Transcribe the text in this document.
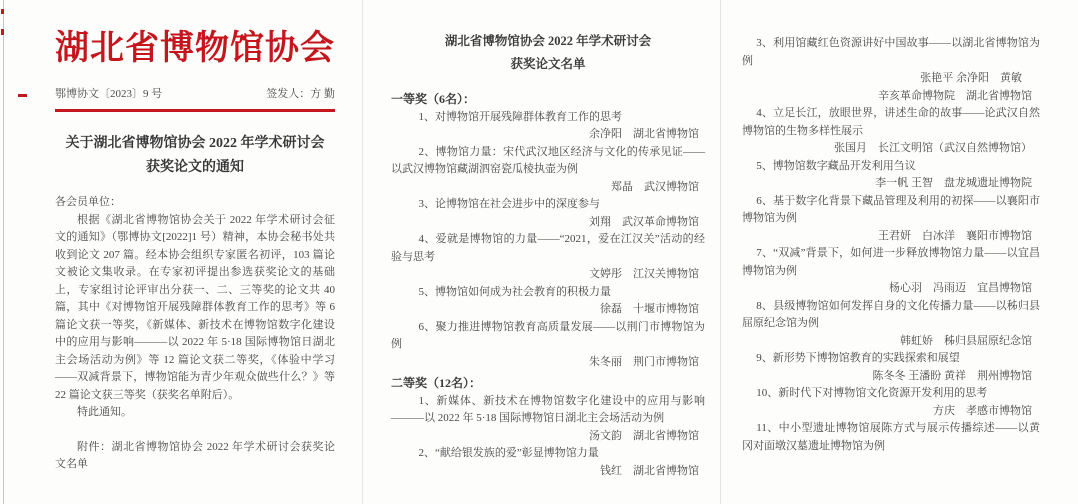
湖北省博物馆协会
鄂博协文〔2023〕9 号	签发人：方 勤
关于湖北省博物馆协会 2022 年学术研讨会
获奖论文的通知
各会员单位：
根据《湖北省博物馆协会关于 2022 年学术研讨会征文的通知》（鄂博协文[2022]1 号）精神，本协会秘书处共收到论文 207 篇。经本协会组织专家匿名初评，103 篇论文被论文集收录。在专家初评提出参选获奖论文的基础上，专家组讨论评审出分获一、二、三等奖的论文共 40 篇，其中《对博物馆开展残障群体教育工作的思考》等 6 篇论文获一等奖，《新媒体、新技术在博物馆数字化建设中的应用与影响———以 2022 年 5·18 国际博物馆日湖北主会场活动为例》等 12 篇论文获二等奖，《体验中学习——双减背景下，博物馆能为青少年观众做些什么？》等 22 篇论文获三等奖（获奖名单附后）。
特此通知。
附件：湖北省博物馆协会 2022 年学术研讨会获奖论文名单
湖北省博物馆协会 2022 年学术研讨会
获奖论文名单
一等奖（6名）：
1、对博物馆开展残障群体教育工作的思考
余净阳　湖北省博物馆
2、博物馆力量：宋代武汉地区经济与文化的传承见证——以武汉博物馆藏湖泗窑瓷瓜棱执壶为例
郑晶　武汉博物馆
3、论博物馆在社会进步中的深度参与
刘翔　武汉革命博物馆
4、爱就是博物馆的力量——“2021，爱在江汉关”活动的经验与思考
文婷彤　江汉关博物馆
5、博物馆如何成为社会教育的积极力量
徐磊　十堰市博物馆
6、聚力推进博物馆教育高质量发展——以荆门市博物馆为例
朱冬丽　荆门市博物馆
二等奖（12名）：
1、新媒体、新技术在博物馆数字化建设中的应用与影响———以 2022 年 5·18 国际博物馆日湖北主会场活动为例
汤文韵　湖北省博物馆
2、“献给银发族的爱”彰显博物馆力量
钱红　湖北省博物馆
3、利用馆藏红色资源讲好中国故事——以湖北省博物馆为例
张艳平 余净阳　黄敏
辛亥革命博物院　湖北省博物馆
4、立足长江，放眼世界，讲述生命的故事——论武汉自然博物馆的生物多样性展示
张国月　长江文明馆（武汉自然博物馆）
5、博物馆数字藏品开发利用刍议
李一帆 王智　盘龙城遗址博物院
6、基于数字化背景下藏品管理及利用的初探——以襄阳市博物馆为例
王君妍　白冰洋　襄阳市博物馆
7、“双减”背景下，如何进一步释放博物馆力量——以宜昌博物馆为例
杨心羽　冯雨迈　宜昌博物馆
8、县级博物馆如何发挥自身的文化传播力量——以秭归县屈原纪念馆为例
韩虹娇　秭归县屈原纪念馆
9、新形势下博物馆教育的实践探索和展望
陈冬冬 王潘盼 黄祥　荆州博物馆
10、新时代下对博物馆文化资源开发利用的思考
方庆　孝感市博物馆
11、中小型遗址博物馆展陈方式与展示传播综述——以黄冈对面墩汉墓遗址博物馆为例
